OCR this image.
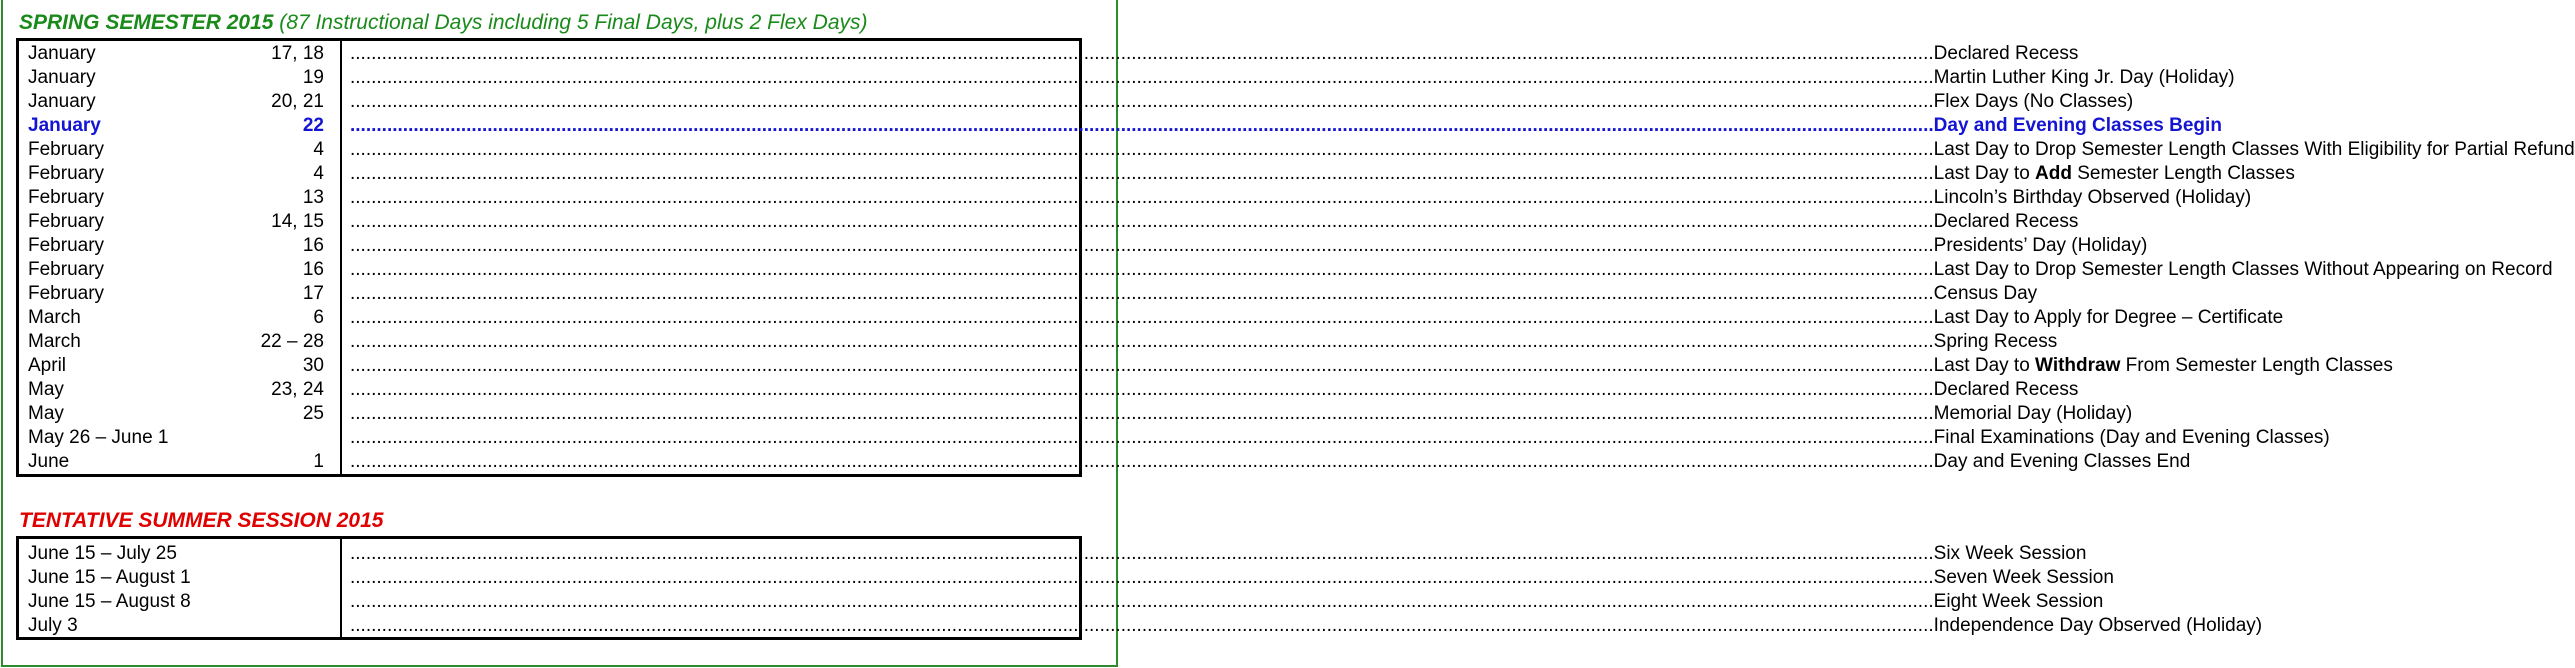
SPRING SEMESTER 2015 (87 Instructional Days including 5 Final Days, plus 2 Flex Days)
January	17, 18 ............................................................................................................................................................................................................................................................................................................ Declared Recess
January	19 ............................................................................................................................................................................................................................................................................................................ Martin Luther King Jr. Day (Holiday)
January	20, 21 ............................................................................................................................................................................................................................................................................................................ Flex Days (No Classes)
January	22 ............................................................................................................................................................................................................................................................................................................ Day and Evening Classes Begin
February	4 ............................................................................................................................................................................................................................................................................................................ Last Day to Drop Semester Length Classes With Eligibility for Partial Refund
February	4 ............................................................................................................................................................................................................................................................................................................ Last Day to Add Semester Length Classes
February	13 ............................................................................................................................................................................................................................................................................................................ Lincoln’s Birthday Observed (Holiday)
February	14, 15 ............................................................................................................................................................................................................................................................................................................ Declared Recess
February	16 ............................................................................................................................................................................................................................................................................................................ Presidents’ Day (Holiday)
February	16 ............................................................................................................................................................................................................................................................................................................ Last Day to Drop Semester Length Classes Without Appearing on Record
February	17 ............................................................................................................................................................................................................................................................................................................ Census Day
March	6 ............................................................................................................................................................................................................................................................................................................ Last Day to Apply for Degree – Certificate
March	22 – 28 ............................................................................................................................................................................................................................................................................................................ Spring Recess
April	30 ............................................................................................................................................................................................................................................................................................................ Last Day to Withdraw From Semester Length Classes
May	23, 24 ............................................................................................................................................................................................................................................................................................................ Declared Recess
May	25 ............................................................................................................................................................................................................................................................................................................ Memorial Day (Holiday)
May 26 – June 1	............................................................................................................................................................................................................................................................................................................ Final Examinations (Day and Evening Classes)
June	1 ............................................................................................................................................................................................................................................................................................................ Day and Evening Classes End
TENTATIVE SUMMER SESSION 2015
June 15 – July 25	............................................................................................................................................................................................................................................................................................................ Six Week Session
June 15 – August 1	............................................................................................................................................................................................................................................................................................................ Seven Week Session
June 15 – August 8	............................................................................................................................................................................................................................................................................................................ Eight Week Session
July 3	............................................................................................................................................................................................................................................................................................................ Independence Day Observed (Holiday)
